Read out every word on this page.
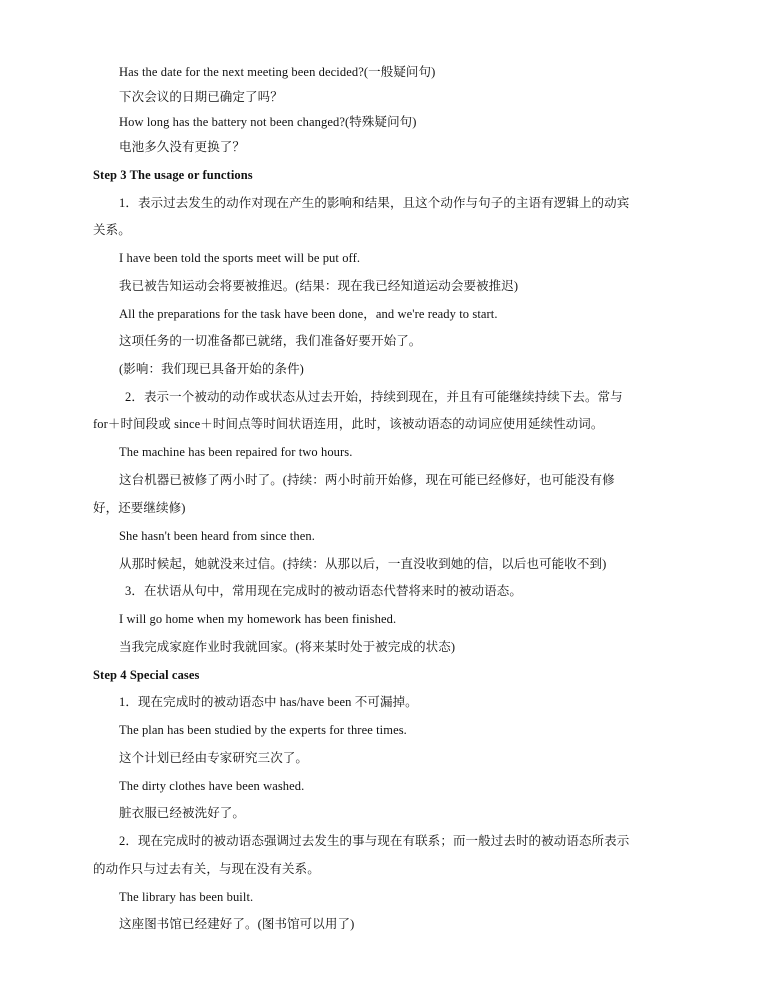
Has the date for the next meeting been decided?(一般疑问句)
下次会议的日期已确定了吗？
How long has the battery not been changed?(特殊疑问句)
电池多久没有更换了？
Step 3 The usage or functions
1．表示过去发生的动作对现在产生的影响和结果，且这个动作与句子的主语有逻辑上的动宾
关系。
I have been told the sports meet will be put off.
我已被告知运动会将要被推迟。(结果：现在我已经知道运动会要被推迟)
All the preparations for the task have been done，and we're ready to start.
这项任务的一切准备都已就绪，我们准备好要开始了。
(影响：我们现已具备开始的条件)
2．表示一个被动的动作或状态从过去开始，持续到现在，并且有可能继续持续下去。常与
for＋时间段或 since＋时间点等时间状语连用，此时，该被动语态的动词应使用延续性动词。
The machine has been repaired for two hours.
这台机器已被修了两小时了。(持续：两小时前开始修，现在可能已经修好，也可能没有修
好，还要继续修)
She hasn't been heard from since then.
从那时候起，她就没来过信。(持续：从那以后，一直没收到她的信，以后也可能收不到)
3．在状语从句中，常用现在完成时的被动语态代替将来时的被动语态。
I will go home when my homework has been finished.
当我完成家庭作业时我就回家。(将来某时处于被完成的状态)
Step 4 Special cases
1．现在完成时的被动语态中 has/have been 不可漏掉。
The plan has been studied by the experts for three times.
这个计划已经由专家研究三次了。
The dirty clothes have been washed.
脏衣服已经被洗好了。
2．现在完成时的被动语态强调过去发生的事与现在有联系；而一般过去时的被动语态所表示
的动作只与过去有关，与现在没有关系。
The library has been built.
这座图书馆已经建好了。(图书馆可以用了)
